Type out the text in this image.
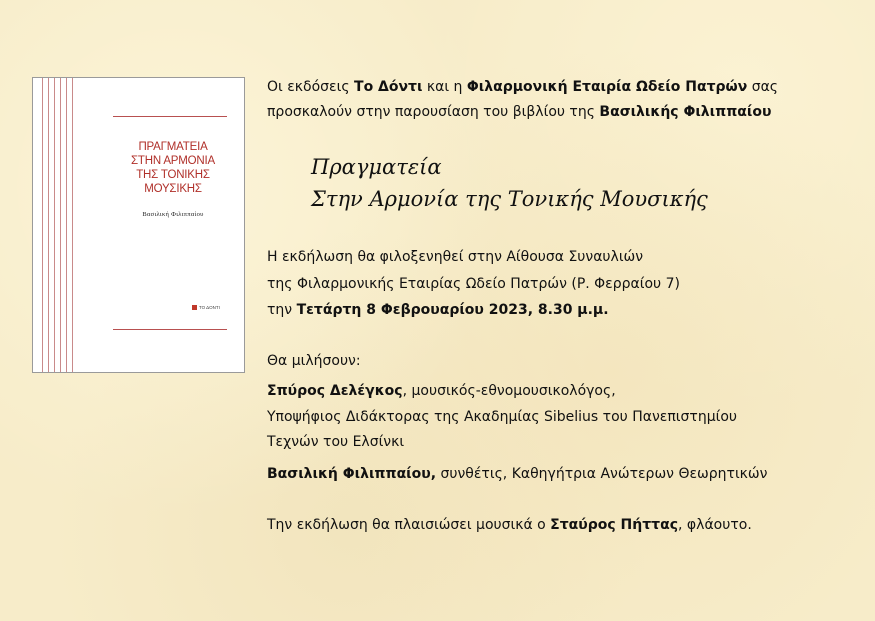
ΠΡΑΓΜΑΤΕΙΑ
ΣΤΗΝ ΑΡΜΟΝΙΑ
ΤΗΣ ΤΟΝΙΚΗΣ
ΜΟΥΣΙΚΗΣ
Βασιλική Φιλιππαίου
ΤΟ ΔΟΝΤΙ
Οι εκδόσεις Το Δόντι και η Φιλαρμονική Εταιρία Ωδείο Πατρών σας
προσκαλούν στην παρουσίαση του βιβλίου της Βασιλικής Φιλιππαίου
Πραγματεία
Στην Αρμονία της Τονικής Μουσικής
Η εκδήλωση θα φιλοξενηθεί στην Αίθουσα Συναυλιών
της Φιλαρμονικής Εταιρίας Ωδείο Πατρών (Ρ. Φερραίου 7)
την Τετάρτη 8 Φεβρουαρίου 2023, 8.30 μ.μ.
Θα μιλήσουν:
Σπύρος Δελέγκος, μουσικός-εθνομουσικολόγος,
Υποψήφιος Διδάκτορας της Ακαδημίας Sibelius του Πανεπιστημίου
Τεχνών του Ελσίνκι
Βασιλική Φιλιππαίου, συνθέτις, Καθηγήτρια Ανώτερων Θεωρητικών
Την εκδήλωση θα πλαισιώσει μουσικά ο Σταύρος Πήττας, φλάουτο.
